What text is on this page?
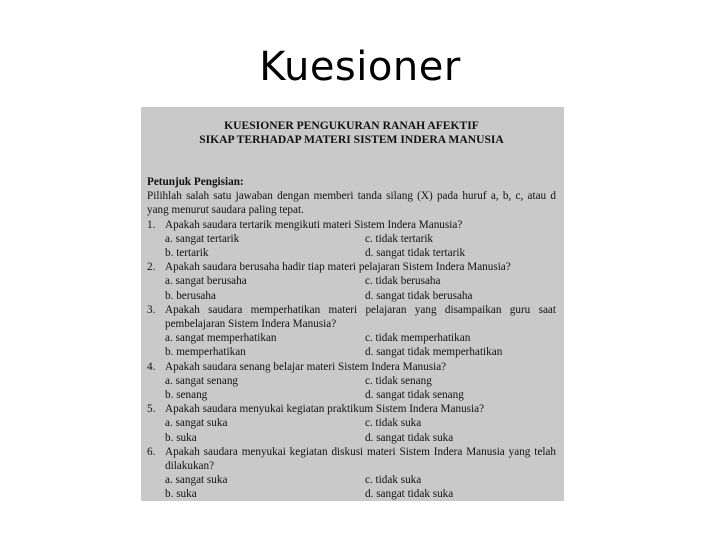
Kuesioner
KUESIONER PENGUKURAN RANAH AFEKTIF
SIKAP TERHADAP MATERI SISTEM INDERA MANUSIA
Petunjuk Pengisian:
Pilihlah salah satu jawaban dengan memberi tanda silang (X) pada huruf a, b, c, atau d yang menurut saudara paling tepat.
1. Apakah saudara tertarik mengikuti materi Sistem Indera Manusia?
a. sangat tertarik	c. tidak tertarik
b. tertarik	d. sangat tidak tertarik
2. Apakah saudara berusaha hadir tiap materi pelajaran Sistem Indera Manusia?
a. sangat berusaha	c. tidak berusaha
b. berusaha	d. sangat tidak berusaha
3. Apakah saudara memperhatikan materi pelajaran yang disampaikan guru saat pembelajaran Sistem Indera Manusia?
a. sangat memperhatikan	c. tidak memperhatikan
b. memperhatikan	d. sangat tidak memperhatikan
4. Apakah saudara senang belajar materi Sistem Indera Manusia?
a. sangat senang	c. tidak senang
b. senang	d. sangat tidak senang
5. Apakah saudara menyukai kegiatan praktikum Sistem Indera Manusia?
a. sangat suka	c. tidak suka
b. suka	d. sangat tidak suka
6. Apakah saudara menyukai kegiatan diskusi materi Sistem Indera Manusia yang telah dilakukan?
a. sangat suka	c. tidak suka
b. suka	d. sangat tidak suka
